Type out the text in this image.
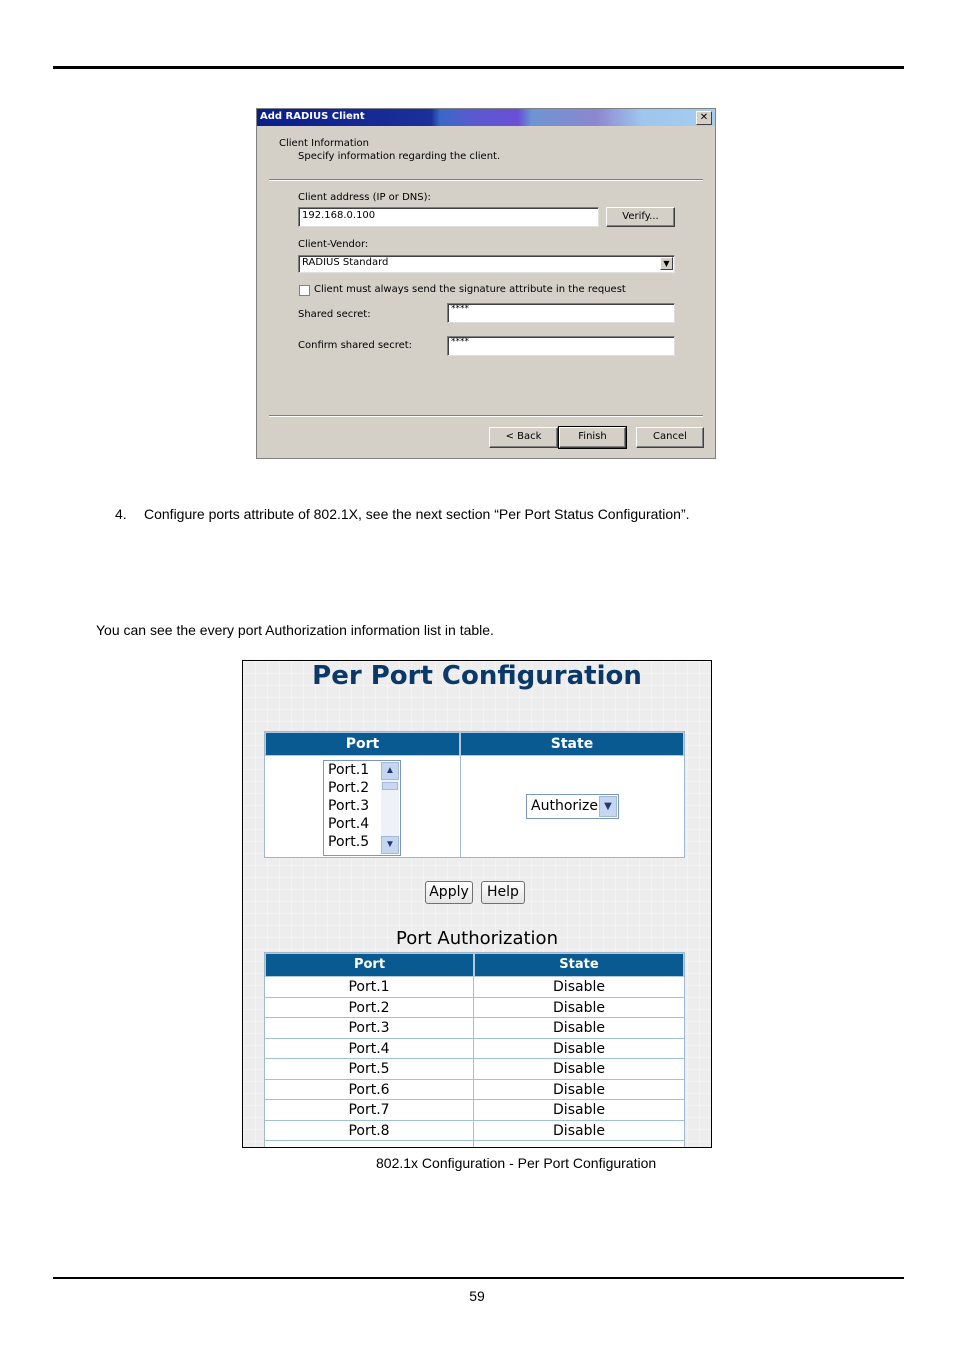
Add RADIUS Client	✕
Client Information
Specify information regarding the client.
Client address (IP or DNS):
192.168.0.100	Verify...
Client-Vendor:
RADIUS Standard	▼
Client must always send the signature attribute in the request
Shared secret:	****
Confirm shared secret:	****
< Back	Finish	Cancel
4. Configure ports attribute of 802.1X, see the next section “Per Port Status Configuration”.
You can see the every port Authorization information list in table.
Per Port Configuration
Port	State
Port.1
Port.2
Port.3
Port.4
Port.5
▲
▼
Authorize ▼
Apply	Help
Port Authorization
Port	State
Port.1	Disable
Port.2	Disable
Port.3	Disable
Port.4	Disable
Port.5	Disable
Port.6	Disable
Port.7	Disable
Port.8	Disable
802.1x Configuration - Per Port Configuration
59
